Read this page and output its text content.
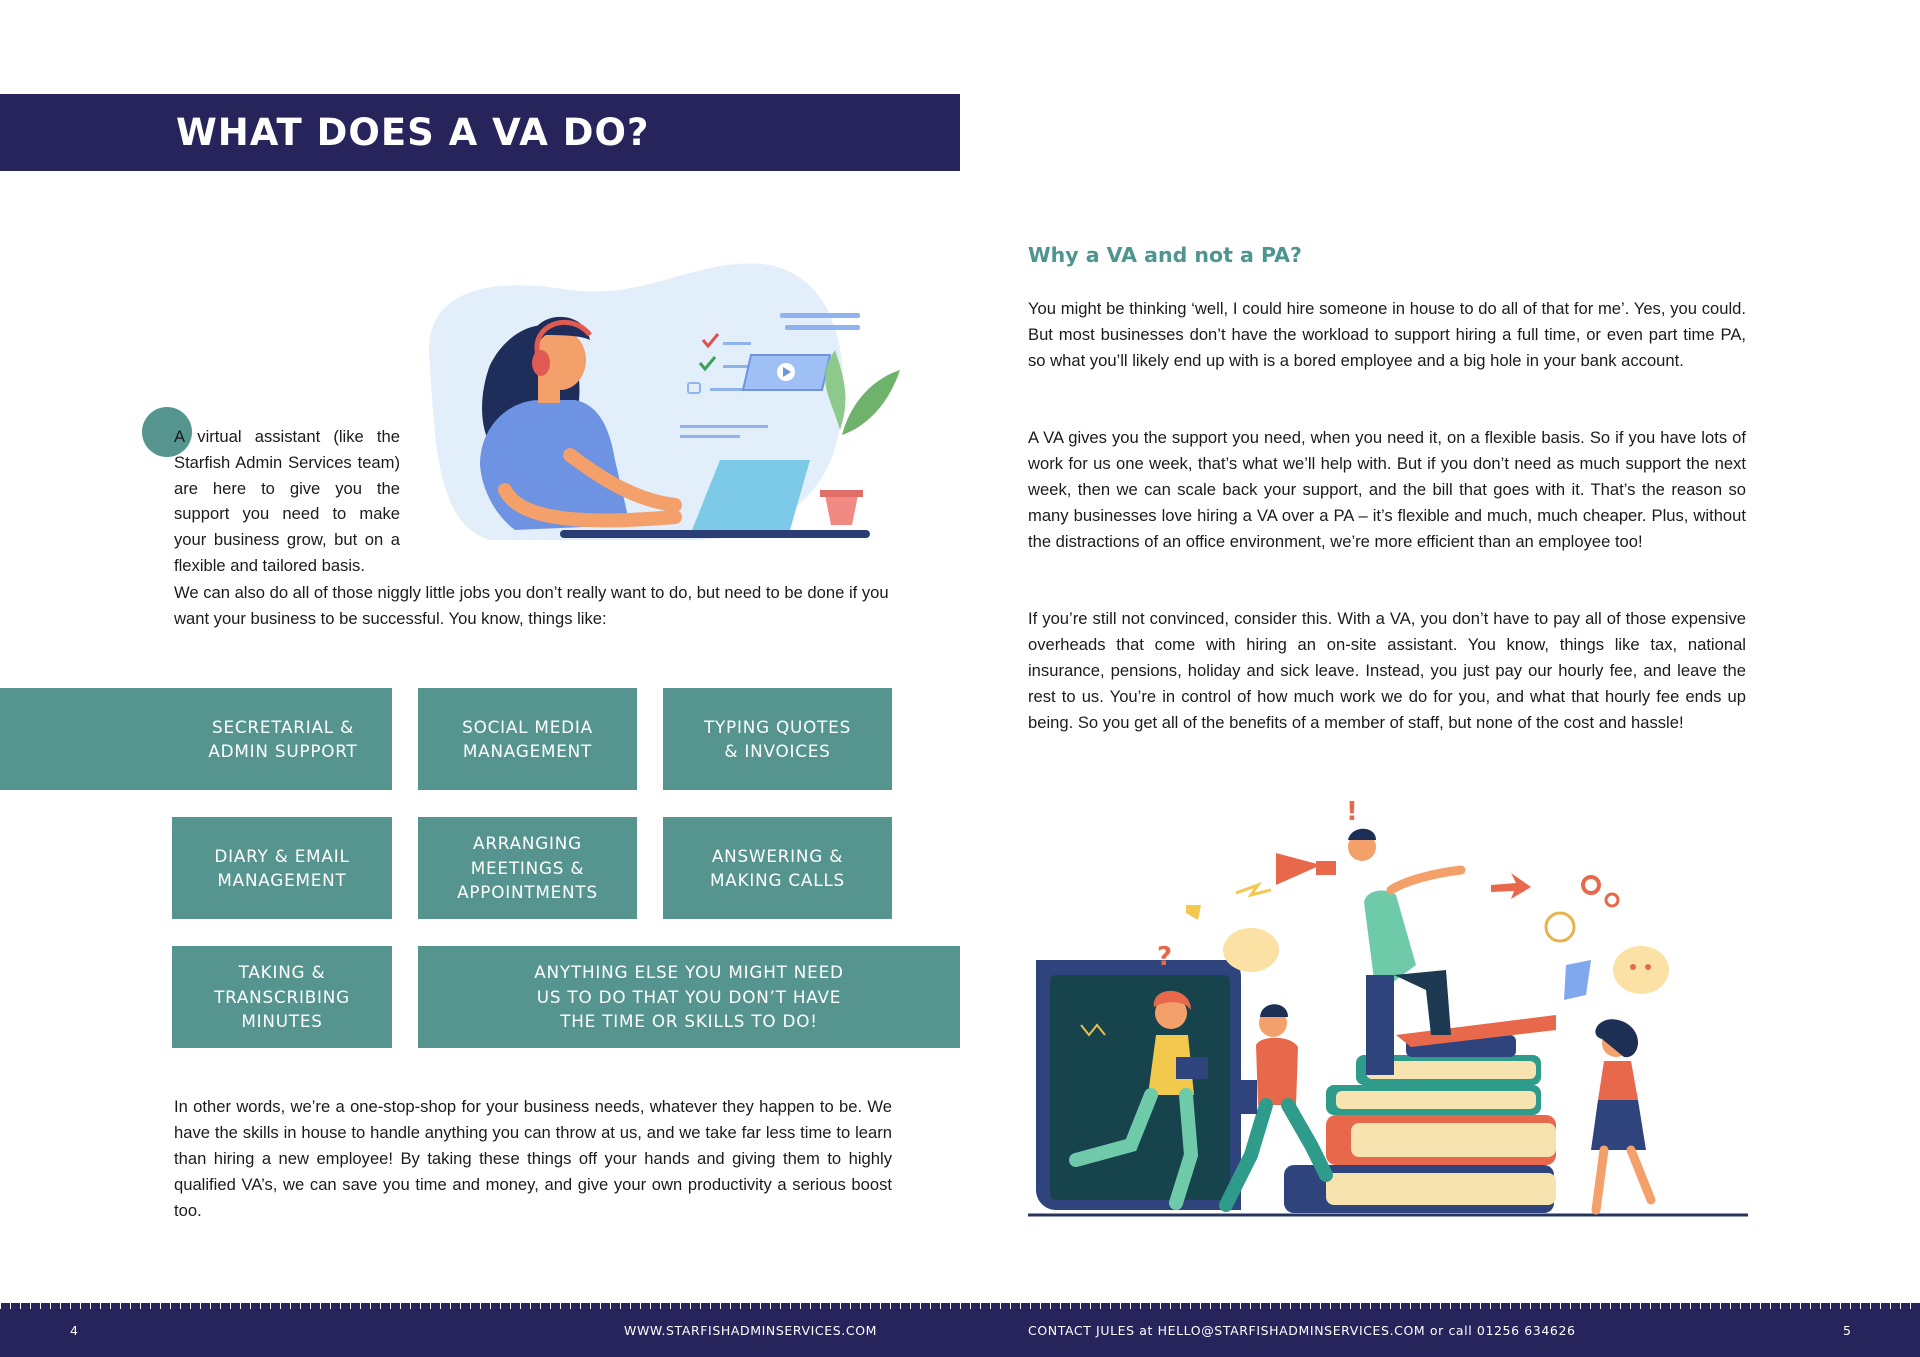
WHAT DOES A VA DO?
A virtual assistant (like the Starfish Admin Services team) are here to give you the support you need to make your business grow, but on a flexible and tailored basis.
We can also do all of those niggly little jobs you don’t really want to do, but need to be done if you want your business to be successful. You know, things like:
SECRETARIAL &
ADMIN SUPPORT
SOCIAL MEDIA
MANAGEMENT
TYPING QUOTES
& INVOICES
DIARY & EMAIL
MANAGEMENT
ARRANGING
MEETINGS &
APPOINTMENTS
ANSWERING &
MAKING CALLS
TAKING &
TRANSCRIBING
MINUTES
ANYTHING ELSE YOU MIGHT NEED
US TO DO THAT YOU DON’T HAVE
THE TIME OR SKILLS TO DO!
In other words, we’re a one-stop-shop for your business needs, whatever they happen to be. We have the skills in house to handle anything you can throw at us, and we take far less time to learn than hiring a new employee! By taking these things off your hands and giving them to highly qualified VA’s, we can save you time and money, and give your own productivity a serious boost too.
Why a VA and not a PA?
You might be thinking ‘well, I could hire someone in house to do all of that for me’. Yes, you could. But most businesses don’t have the workload to support hiring a full time, or even part time PA, so what you’ll likely end up with is a bored employee and a big hole in your bank account.
A VA gives you the support you need, when you need it, on a flexible basis. So if you have lots of work for us one week, that’s what we’ll help with. But if you don’t need as much support the next week, then we can scale back your support, and the bill that goes with it. That’s the reason so many businesses love hiring a VA over a PA – it’s flexible and much, much cheaper. Plus, without the distractions of an office environment, we’re more efficient than an employee too!
If you’re still not convinced, consider this. With a VA, you don’t have to pay all of those expensive overheads that come with hiring an on-site assistant. You know, things like tax, national insurance, pensions, holiday and sick leave. Instead, you just pay our hourly fee, and leave the rest to us. You’re in control of how much work we do for you, and what that hourly fee ends up being. So you get all of the benefits of a member of staff, but none of the cost and hassle!
?
!
4	WWW.STARFISHADMINSERVICES.COM	CONTACT JULES at HELLO@STARFISHADMINSERVICES.COM or call 01256 634626	5
